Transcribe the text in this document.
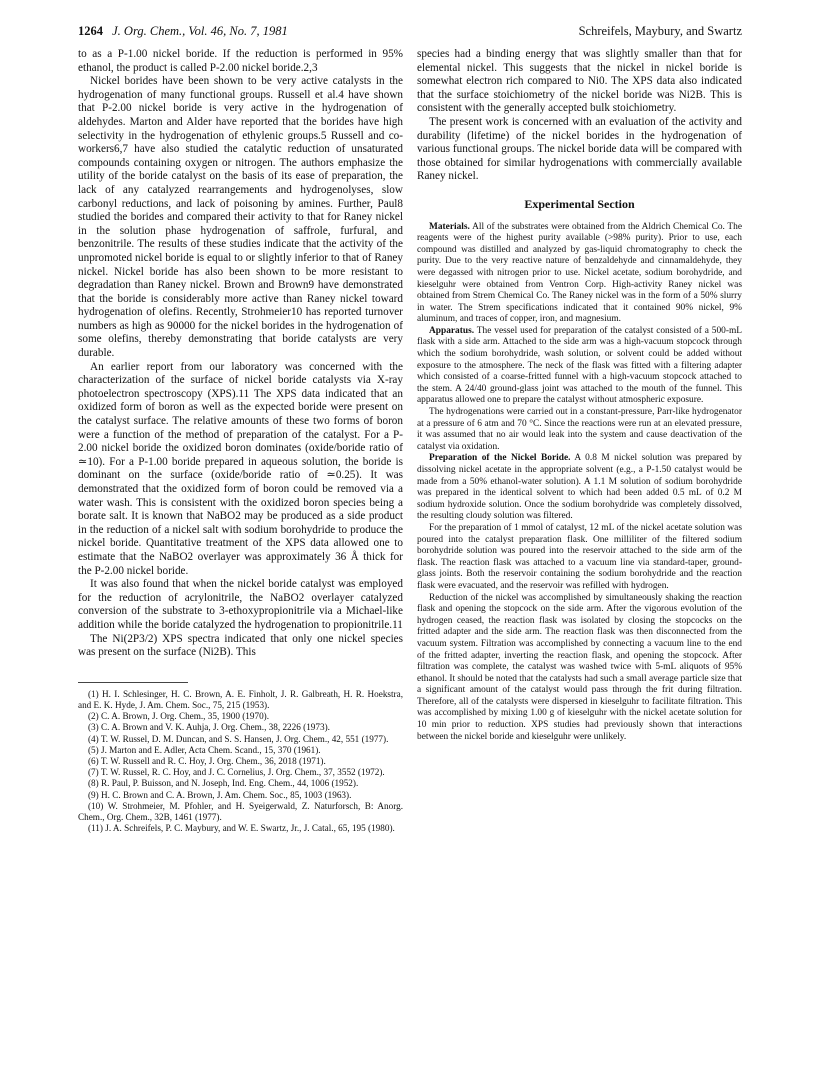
1264 J. Org. Chem., Vol. 46, No. 7, 1981	Schreifels, Maybury, and Swartz

to as a P-1.00 nickel boride. If the reduction is performed in 95% ethanol, the product is called P-2.00 nickel boride.2,3

Nickel borides have been shown to be very active catalysts in the hydrogenation of many functional groups. Russell et al.4 have shown that P-2.00 nickel boride is very active in the hydrogenation of aldehydes. Marton and Alder have reported that the borides have high selectivity in the hydrogenation of ethylenic groups.5 Russell and co-workers6,7 have also studied the catalytic reduction of unsaturated compounds containing oxygen or nitrogen. The authors emphasize the utility of the boride catalyst on the basis of its ease of preparation, the lack of any catalyzed rearrangements and hydrogenolyses, slow carbonyl reductions, and lack of poisoning by amines. Further, Paul8 studied the borides and compared their activity to that for Raney nickel in the solution phase hydrogenation of saffrole, furfural, and benzonitrile. The results of these studies indicate that the activity of the unpromoted nickel boride is equal to or slightly inferior to that of Raney nickel. Nickel boride has also been shown to be more resistant to degradation than Raney nickel. Brown and Brown9 have demonstrated that the boride is considerably more active than Raney nickel toward hydrogenation of olefins. Recently, Strohmeier10 has reported turnover numbers as high as 90000 for the nickel borides in the hydrogenation of some olefins, thereby demonstrating that boride catalysts are very durable.

An earlier report from our laboratory was concerned with the characterization of the surface of nickel boride catalysts via X-ray photoelectron spectroscopy (XPS).11 The XPS data indicated that an oxidized form of boron as well as the expected boride were present on the catalyst surface. The relative amounts of these two forms of boron were a function of the method of preparation of the catalyst. For a P-2.00 nickel boride the oxidized boron dominates (oxide/boride ratio of ≃10). For a P-1.00 boride prepared in aqueous solution, the boride is dominant on the surface (oxide/boride ratio of ≃0.25). It was demonstrated that the oxidized form of boron could be removed via a water wash. This is consistent with the oxidized boron species being a borate salt. It is known that NaBO2 may be produced as a side product in the reduction of a nickel salt with sodium borohydride to produce the nickel boride. Quantitative treatment of the XPS data allowed one to estimate that the NaBO2 overlayer was approximately 36 Å thick for the P-2.00 nickel boride.

It was also found that when the nickel boride catalyst was employed for the reduction of acrylonitrile, the NaBO2 overlayer catalyzed conversion of the substrate to 3-ethoxypropionitrile via a Michael-like addition while the boride catalyzed the hydrogenation to propionitrile.11

The Ni(2P3/2) XPS spectra indicated that only one nickel species was present on the surface (Ni2B). This

(1) H. I. Schlesinger, H. C. Brown, A. E. Finholt, J. R. Galbreath, H. R. Hoekstra, and E. K. Hyde, J. Am. Chem. Soc., 75, 215 (1953).

(2) C. A. Brown, J. Org. Chem., 35, 1900 (1970).

(3) C. A. Brown and V. K. Auhja, J. Org. Chem., 38, 2226 (1973).

(4) T. W. Russel, D. M. Duncan, and S. S. Hansen, J. Org. Chem., 42, 551 (1977).

(5) J. Marton and E. Adler, Acta Chem. Scand., 15, 370 (1961).

(6) T. W. Russell and R. C. Hoy, J. Org. Chem., 36, 2018 (1971).

(7) T. W. Russel, R. C. Hoy, and J. C. Cornelius, J. Org. Chem., 37, 3552 (1972).

(8) R. Paul, P. Buisson, and N. Joseph, Ind. Eng. Chem., 44, 1006 (1952).

(9) H. C. Brown and C. A. Brown, J. Am. Chem. Soc., 85, 1003 (1963).

(10) W. Strohmeier, M. Pfohler, and H. Syeigerwald, Z. Naturforsch, B: Anorg. Chem., Org. Chem., 32B, 1461 (1977).

(11) J. A. Schreifels, P. C. Maybury, and W. E. Swartz, Jr., J. Catal., 65, 195 (1980).

species had a binding energy that was slightly smaller than that for elemental nickel. This suggests that the nickel in nickel boride is somewhat electron rich compared to Ni0. The XPS data also indicated that the surface stoichiometry of the nickel boride was Ni2B. This is consistent with the generally accepted bulk stoichiometry.

The present work is concerned with an evaluation of the activity and durability (lifetime) of the nickel borides in the hydrogenation of various functional groups. The nickel boride data will be compared with those obtained for similar hydrogenations with commercially available Raney nickel.

Experimental Section

Materials. All of the substrates were obtained from the Aldrich Chemical Co. The reagents were of the highest purity available (>98% purity). Prior to use, each compound was distilled and analyzed by gas-liquid chromatography to check the purity. Due to the very reactive nature of benzaldehyde and cinnamaldehyde, they were degassed with nitrogen prior to use. Nickel acetate, sodium borohydride, and kieselguhr were obtained from Ventron Corp. High-activity Raney nickel was obtained from Strem Chemical Co. The Raney nickel was in the form of a 50% slurry in water. The Strem specifications indicated that it contained 90% nickel, 9% aluminum, and traces of copper, iron, and magnesium.

Apparatus. The vessel used for preparation of the catalyst consisted of a 500-mL flask with a side arm. Attached to the side arm was a high-vacuum stopcock through which the sodium borohydride, wash solution, or solvent could be added without exposure to the atmosphere. The neck of the flask was fitted with a filtering adapter which consisted of a coarse-fritted funnel with a high-vacuum stopcock attached to the stem. A 24/40 ground-glass joint was attached to the mouth of the funnel. This apparatus allowed one to prepare the catalyst without atmospheric exposure.

The hydrogenations were carried out in a constant-pressure, Parr-like hydrogenator at a pressure of 6 atm and 70 °C. Since the reactions were run at an elevated pressure, it was assumed that no air would leak into the system and cause deactivation of the catalyst via oxidation.

Preparation of the Nickel Boride. A 0.8 M nickel solution was prepared by dissolving nickel acetate in the appropriate solvent (e.g., a P-1.50 catalyst would be made from a 50% ethanol-water solution). A 1.1 M solution of sodium borohydride was prepared in the identical solvent to which had been added 0.5 mL of 0.2 M sodium hydroxide solution. Once the sodium borohydride was completely dissolved, the resulting cloudy solution was filtered.

For the preparation of 1 mmol of catalyst, 12 mL of the nickel acetate solution was poured into the catalyst preparation flask. One milliliter of the filtered sodium borohydride solution was poured into the reservoir attached to the side arm of the flask. The reaction flask was attached to a vacuum line via standard-taper, ground-glass joints. Both the reservoir containing the sodium borohydride and the reaction flask were evacuated, and the reservoir was refilled with hydrogen.

Reduction of the nickel was accomplished by simultaneously shaking the reaction flask and opening the stopcock on the side arm. After the vigorous evolution of the hydrogen ceased, the reaction flask was isolated by closing the stopcocks on the fritted adapter and the side arm. The reaction flask was then disconnected from the vacuum system. Filtration was accomplished by connecting a vacuum line to the end of the fritted adapter, inverting the reaction flask, and opening the stopcock. After filtration was complete, the catalyst was washed twice with 5-mL aliquots of 95% ethanol. It should be noted that the catalysts had such a small average particle size that a significant amount of the catalyst would pass through the frit during filtration. Therefore, all of the catalysts were dispersed in kieselguhr to facilitate filtration. This was accomplished by mixing 1.00 g of kieselguhr with the nickel acetate solution for 10 min prior to reduction. XPS studies had previously shown that interactions between the nickel boride and kieselguhr were unlikely.
